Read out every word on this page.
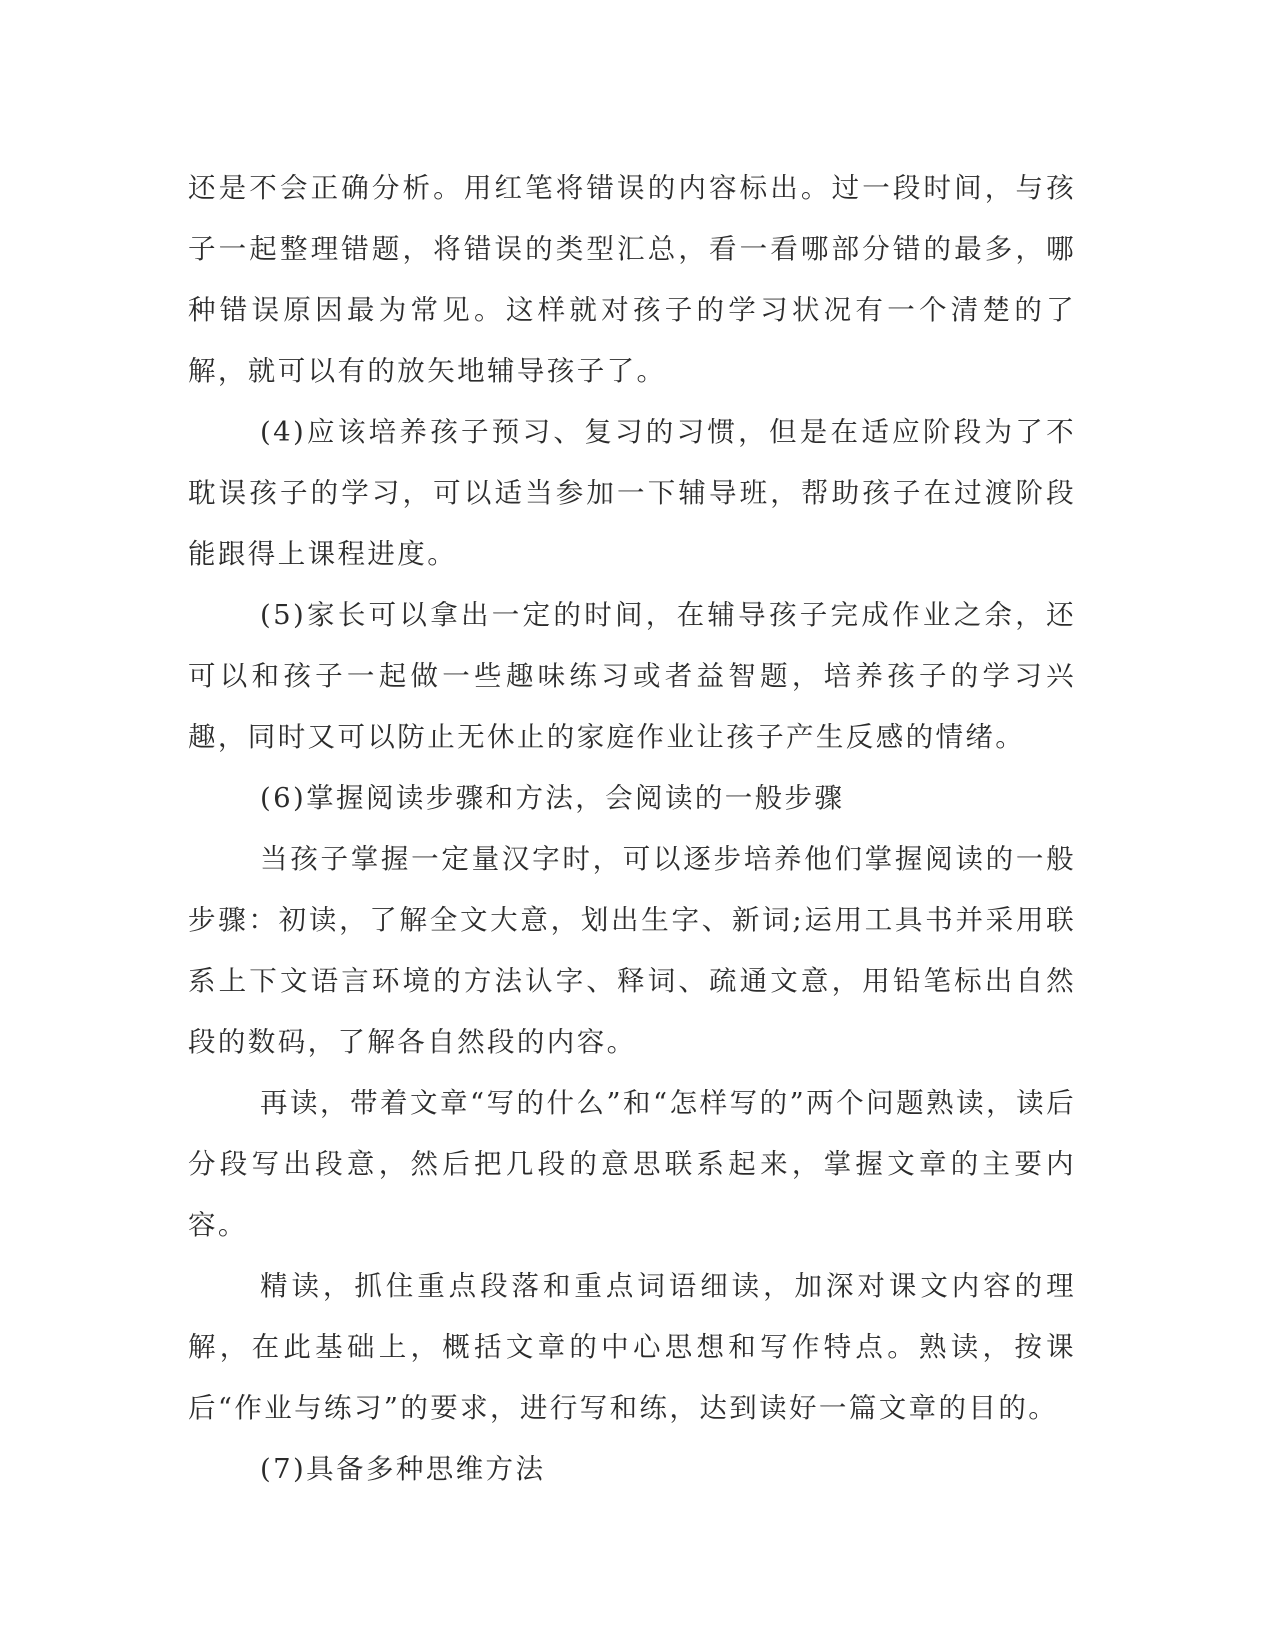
还是不会正确分析。用红笔将错误的内容标出。过一段时间，与孩子一起整理错题，将错误的类型汇总，看一看哪部分错的最多，哪种错误原因最为常见。这样就对孩子的学习状况有一个清楚的了解，就可以有的放矢地辅导孩子了。

(4)应该培养孩子预习、复习的习惯，但是在适应阶段为了不耽误孩子的学习，可以适当参加一下辅导班，帮助孩子在过渡阶段能跟得上课程进度。

(5)家长可以拿出一定的时间，在辅导孩子完成作业之余，还可以和孩子一起做一些趣味练习或者益智题，培养孩子的学习兴趣，同时又可以防止无休止的家庭作业让孩子产生反感的情绪。

(6)掌握阅读步骤和方法，会阅读的一般步骤

当孩子掌握一定量汉字时，可以逐步培养他们掌握阅读的一般步骤：初读，了解全文大意，划出生字、新词;运用工具书并采用联系上下文语言环境的方法认字、释词、疏通文意，用铅笔标出自然段的数码，了解各自然段的内容。

再读，带着文章“写的什么”和“怎样写的”两个问题熟读，读后分段写出段意，然后把几段的意思联系起来，掌握文章的主要内容。

精读，抓住重点段落和重点词语细读，加深对课文内容的理解，在此基础上，概括文章的中心思想和写作特点。熟读，按课后“作业与练习”的要求，进行写和练，达到读好一篇文章的目的。

(7)具备多种思维方法
